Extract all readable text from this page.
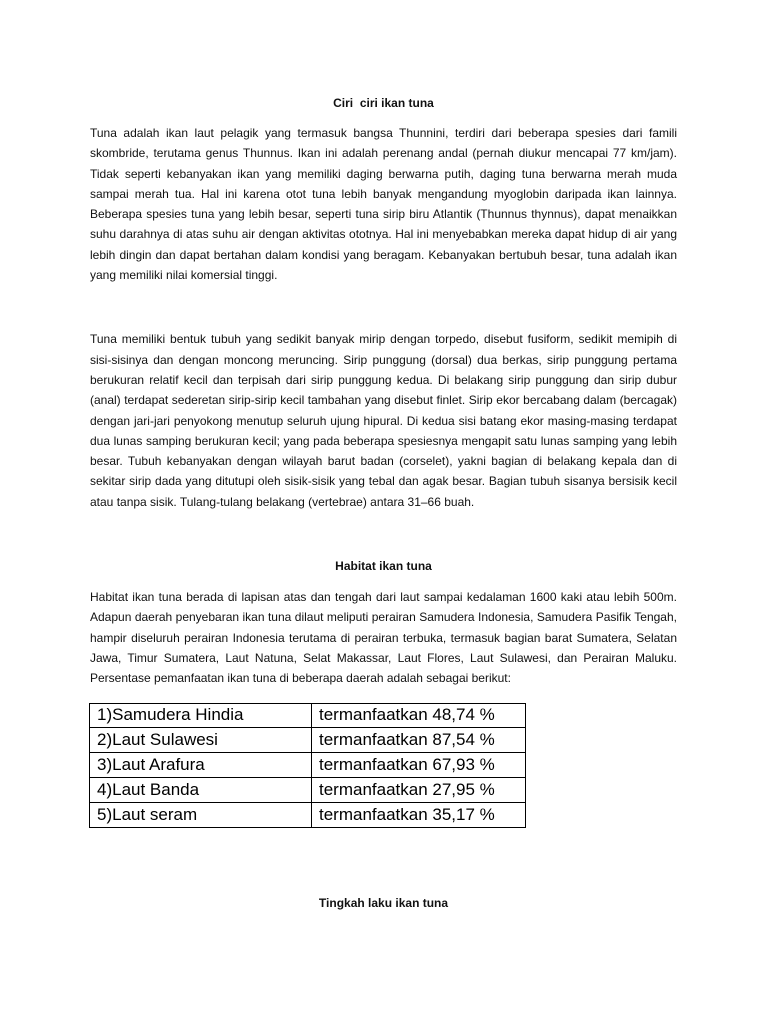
Ciri  ciri ikan tuna

Tuna adalah ikan laut pelagik yang termasuk bangsa Thunnini, terdiri dari beberapa spesies dari famili skombride, terutama genus Thunnus. Ikan ini adalah perenang andal (pernah diukur mencapai 77 km/jam). Tidak seperti kebanyakan ikan yang memiliki daging berwarna putih, daging tuna berwarna merah muda sampai merah tua. Hal ini karena otot tuna lebih banyak mengandung myoglobin daripada ikan lainnya. Beberapa spesies tuna yang lebih besar, seperti tuna sirip biru Atlantik (Thunnus thynnus), dapat menaikkan suhu darahnya di atas suhu air dengan aktivitas ototnya. Hal ini menyebabkan mereka dapat hidup di air yang lebih dingin dan dapat bertahan dalam kondisi yang beragam. Kebanyakan bertubuh besar, tuna adalah ikan yang memiliki nilai komersial tinggi.

Tuna memiliki bentuk tubuh yang sedikit banyak mirip dengan torpedo, disebut fusiform, sedikit memipih di sisi-sisinya dan dengan moncong meruncing. Sirip punggung (dorsal) dua berkas, sirip punggung pertama berukuran relatif kecil dan terpisah dari sirip punggung kedua. Di belakang sirip punggung dan sirip dubur (anal) terdapat sederetan sirip-sirip kecil tambahan yang disebut finlet. Sirip ekor bercabang dalam (bercagak) dengan jari-jari penyokong menutup seluruh ujung hipural. Di kedua sisi batang ekor masing-masing terdapat dua lunas samping berukuran kecil; yang pada beberapa spesiesnya mengapit satu lunas samping yang lebih besar. Tubuh kebanyakan dengan wilayah barut badan (corselet), yakni bagian di belakang kepala dan di sekitar sirip dada yang ditutupi oleh sisik-sisik yang tebal dan agak besar. Bagian tubuh sisanya bersisik kecil atau tanpa sisik. Tulang-tulang belakang (vertebrae) antara 31–66 buah.

Habitat ikan tuna

Habitat ikan tuna berada di lapisan atas dan tengah dari laut sampai kedalaman 1600 kaki atau lebih 500m. Adapun daerah penyebaran ikan tuna dilaut meliputi perairan Samudera Indonesia, Samudera Pasifik Tengah, hampir diseluruh perairan Indonesia terutama di perairan terbuka, termasuk bagian barat Sumatera, Selatan Jawa, Timur Sumatera, Laut Natuna, Selat Makassar, Laut Flores, Laut Sulawesi, dan Perairan Maluku. Persentase pemanfaatan ikan tuna di beberapa daerah adalah sebagai berikut:

1)Samudera Hindia	termanfaatkan 48,74 %
2)Laut Sulawesi	termanfaatkan 87,54 %
3)Laut Arafura	termanfaatkan 67,93 %
4)Laut Banda	termanfaatkan 27,95 %
5)Laut seram	termanfaatkan 35,17 %

Tingkah laku ikan tuna
